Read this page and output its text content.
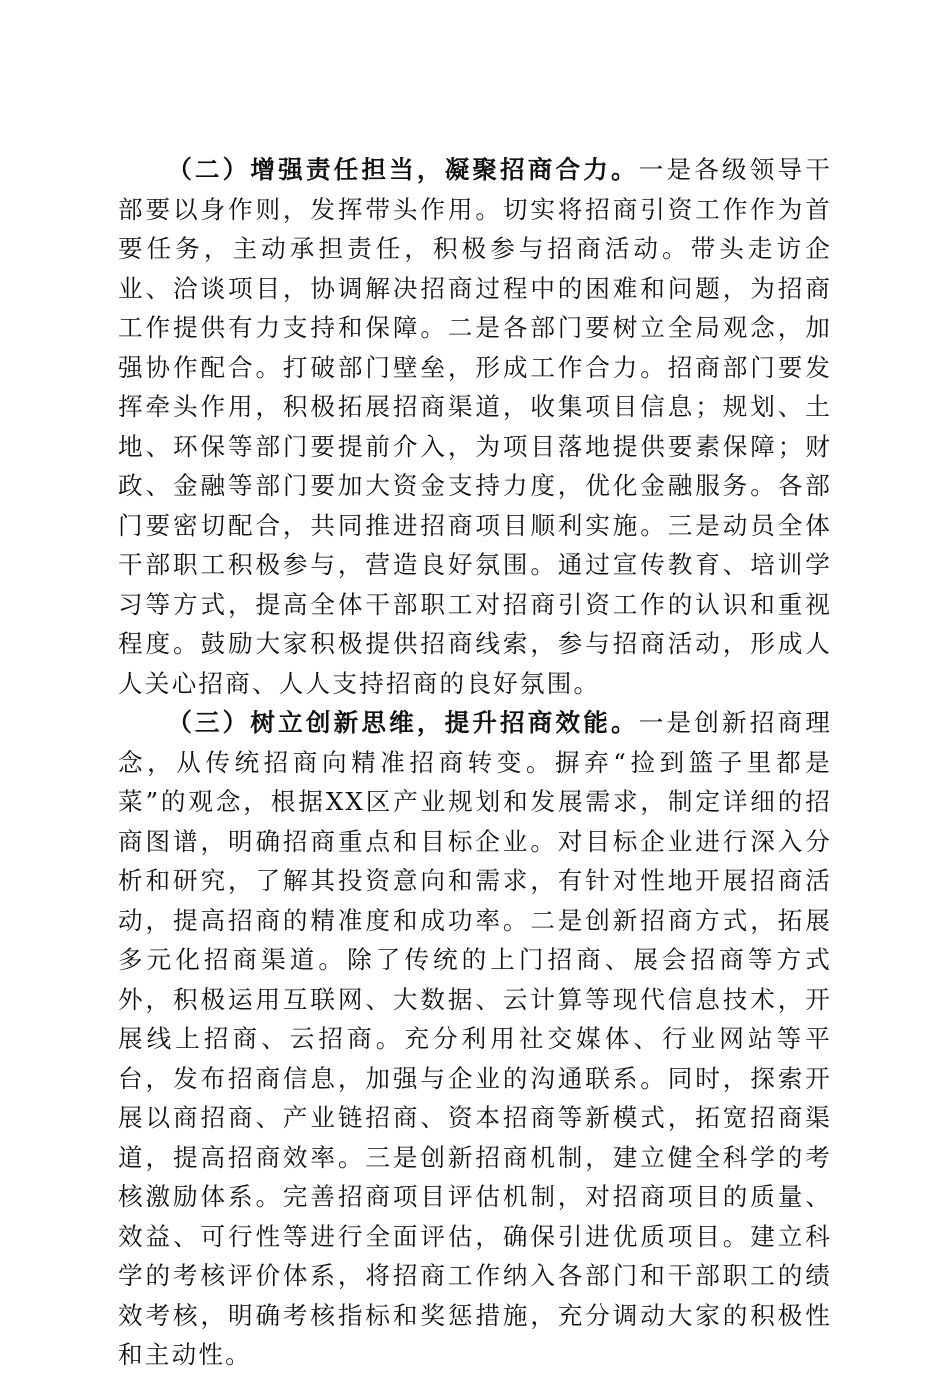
（二）增强责任担当，凝聚招商合力。一是各级领导干部要以身作则，发挥带头作用。切实将招商引资工作作为首要任务，主动承担责任，积极参与招商活动。带头走访企业、洽谈项目，协调解决招商过程中的困难和问题，为招商工作提供有力支持和保障。二是各部门要树立全局观念，加强协作配合。打破部门壁垒，形成工作合力。招商部门要发挥牵头作用，积极拓展招商渠道，收集项目信息；规划、土地、环保等部门要提前介入，为项目落地提供要素保障；财政、金融等部门要加大资金支持力度，优化金融服务。各部门要密切配合，共同推进招商项目顺利实施。三是动员全体干部职工积极参与，营造良好氛围。通过宣传教育、培训学习等方式，提高全体干部职工对招商引资工作的认识和重视程度。鼓励大家积极提供招商线索，参与招商活动，形成人人关心招商、人人支持招商的良好氛围。

（三）树立创新思维，提升招商效能。一是创新招商理念，从传统招商向精准招商转变。摒弃“捡到篮子里都是菜”的观念，根据XX区产业规划和发展需求，制定详细的招商图谱，明确招商重点和目标企业。对目标企业进行深入分析和研究，了解其投资意向和需求，有针对性地开展招商活动，提高招商的精准度和成功率。二是创新招商方式，拓展多元化招商渠道。除了传统的上门招商、展会招商等方式外，积极运用互联网、大数据、云计算等现代信息技术，开展线上招商、云招商。充分利用社交媒体、行业网站等平台，发布招商信息，加强与企业的沟通联系。同时，探索开展以商招商、产业链招商、资本招商等新模式，拓宽招商渠道，提高招商效率。三是创新招商机制，建立健全科学的考核激励体系。完善招商项目评估机制，对招商项目的质量、效益、可行性等进行全面评估，确保引进优质项目。建立科学的考核评价体系，将招商工作纳入各部门和干部职工的绩效考核，明确考核指标和奖惩措施，充分调动大家的积极性和主动性。
